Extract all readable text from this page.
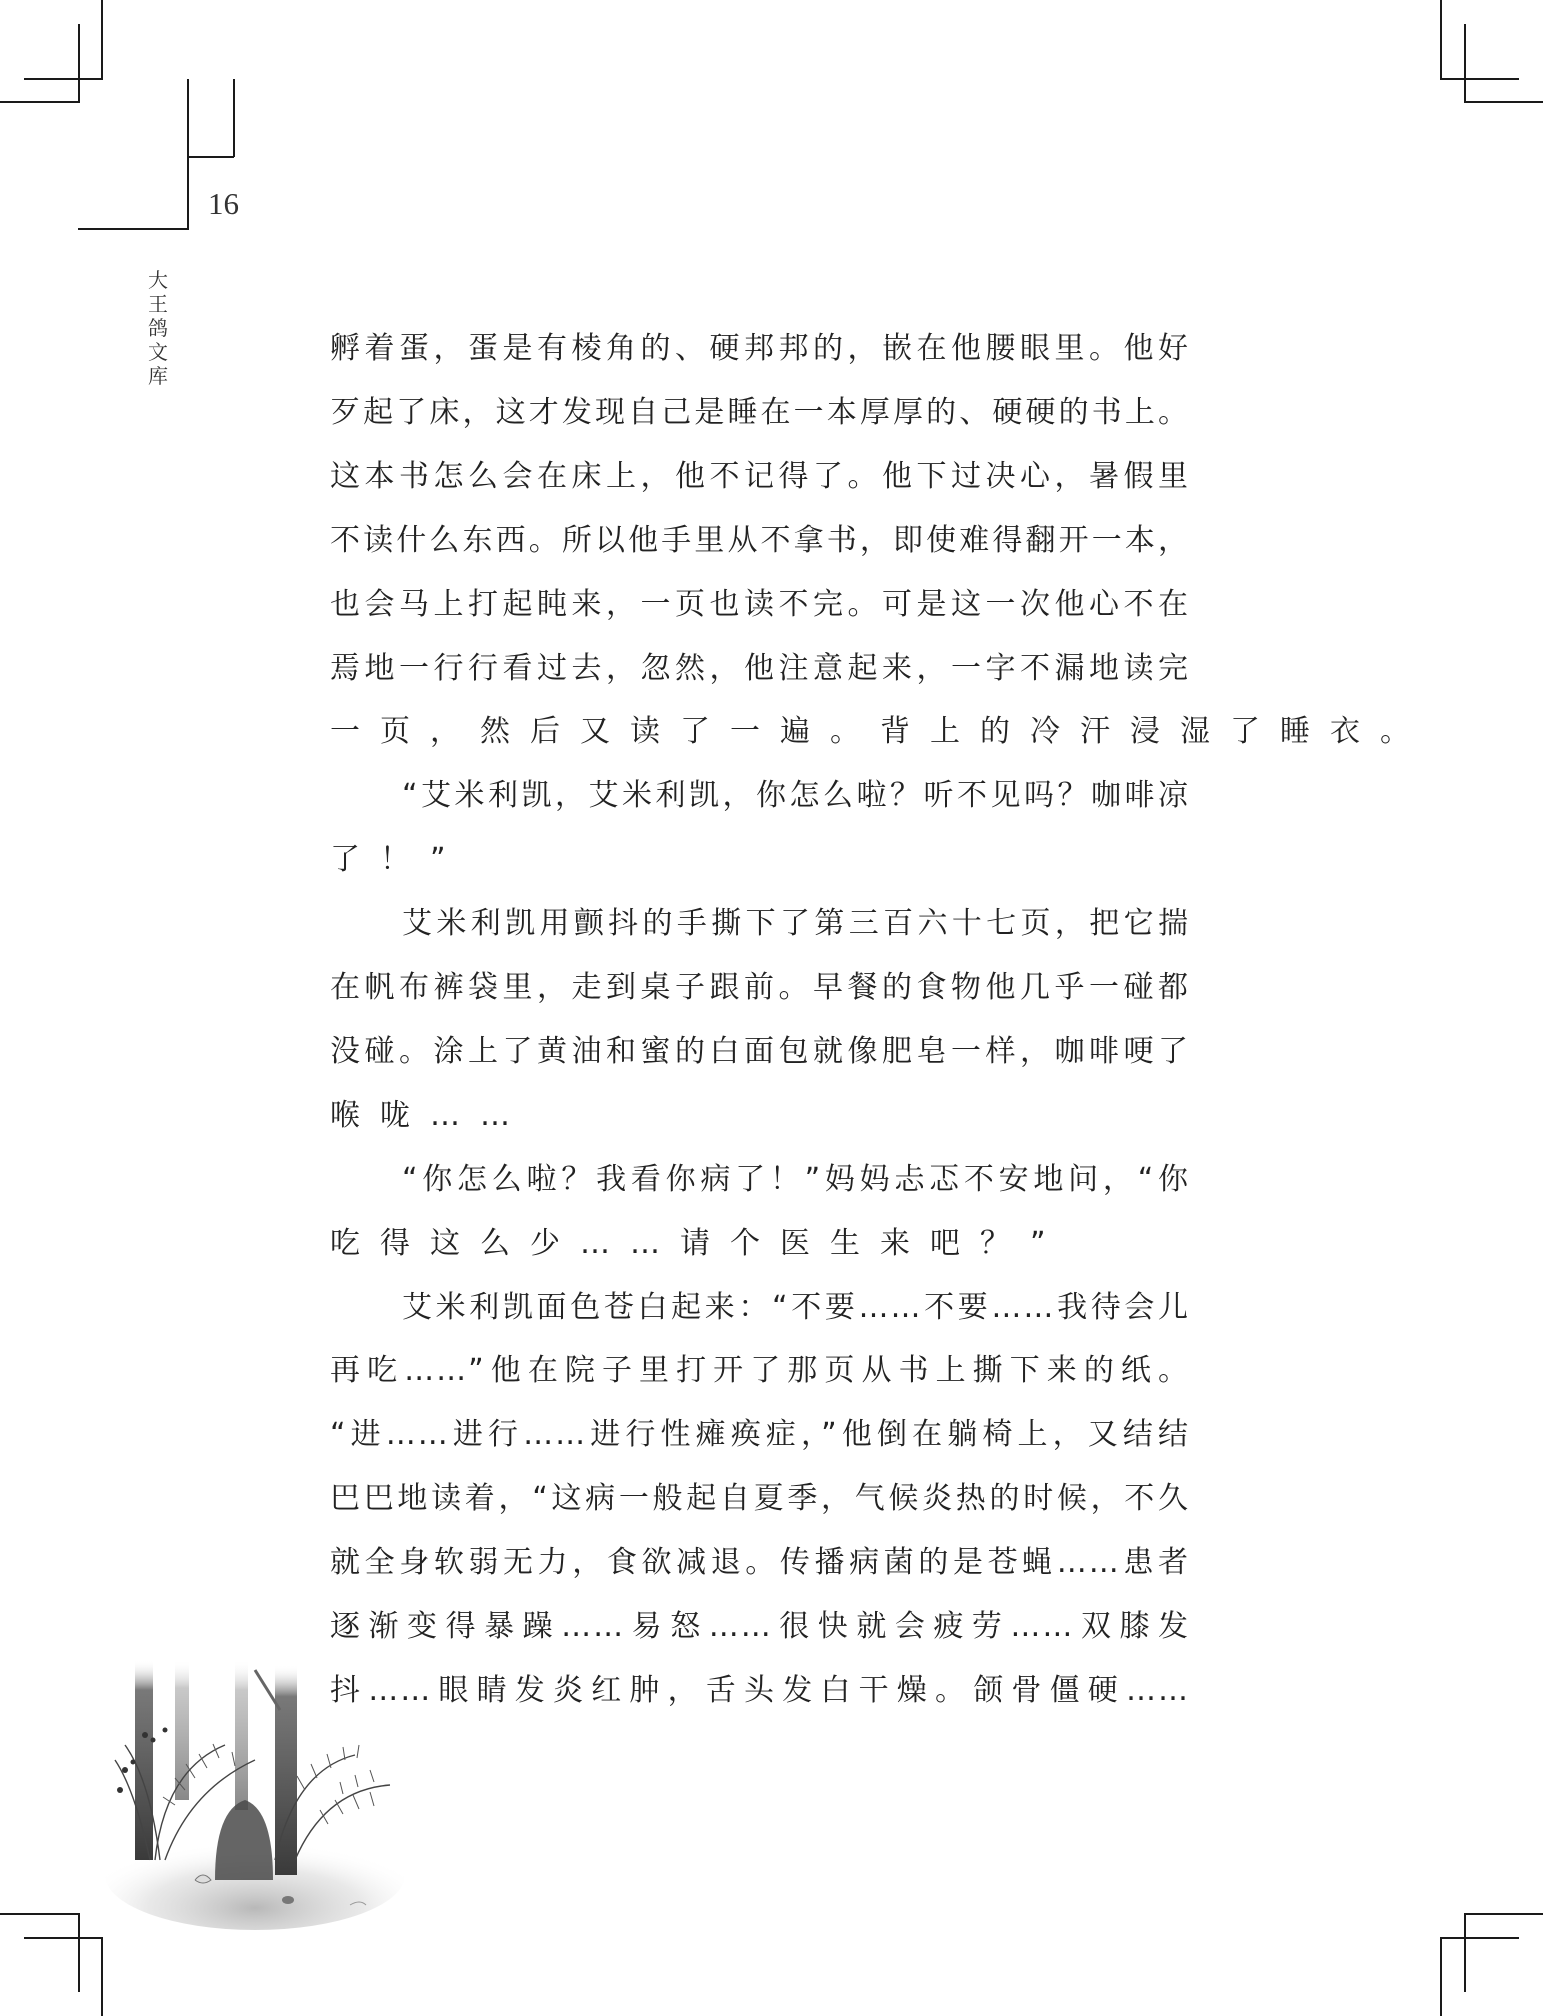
16
大
王
鸽
文
库
孵着蛋，蛋是有棱角的、硬邦邦的，嵌在他腰眼里。他好
歹起了床，这才发现自己是睡在一本厚厚的、硬硬的书上。
这本书怎么会在床上，他不记得了。他下过决心，暑假里
不读什么东西。所以他手里从不拿书，即使难得翻开一本，
也会马上打起盹来，一页也读不完。可是这一次他心不在
焉地一行行看过去，忽然，他注意起来，一字不漏地读完
一页，然后又读了一遍。背上的冷汗浸湿了睡衣。
“艾米利凯，艾米利凯，你怎么啦？听不见吗？咖啡凉
了！”
艾米利凯用颤抖的手撕下了第三百六十七页，把它揣
在帆布裤袋里，走到桌子跟前。早餐的食物他几乎一碰都
没碰。涂上了黄油和蜜的白面包就像肥皂一样，咖啡哽了
喉咙……
“你怎么啦？我看你病了！”妈妈忐忑不安地问，“你
吃得这么少……请个医生来吧？”
艾米利凯面色苍白起来：“不要……不要……我待会儿
再吃……”他在院子里打开了那页从书上撕下来的纸。
“进……进行……进行性瘫痪症，”他倒在躺椅上，又结结
巴巴地读着，“这病一般起自夏季，气候炎热的时候，不久
就全身软弱无力，食欲减退。传播病菌的是苍蝇……患者
逐渐变得暴躁……易怒……很快就会疲劳……双膝发
抖……眼睛发炎红肿，舌头发白干燥。颌骨僵硬……
